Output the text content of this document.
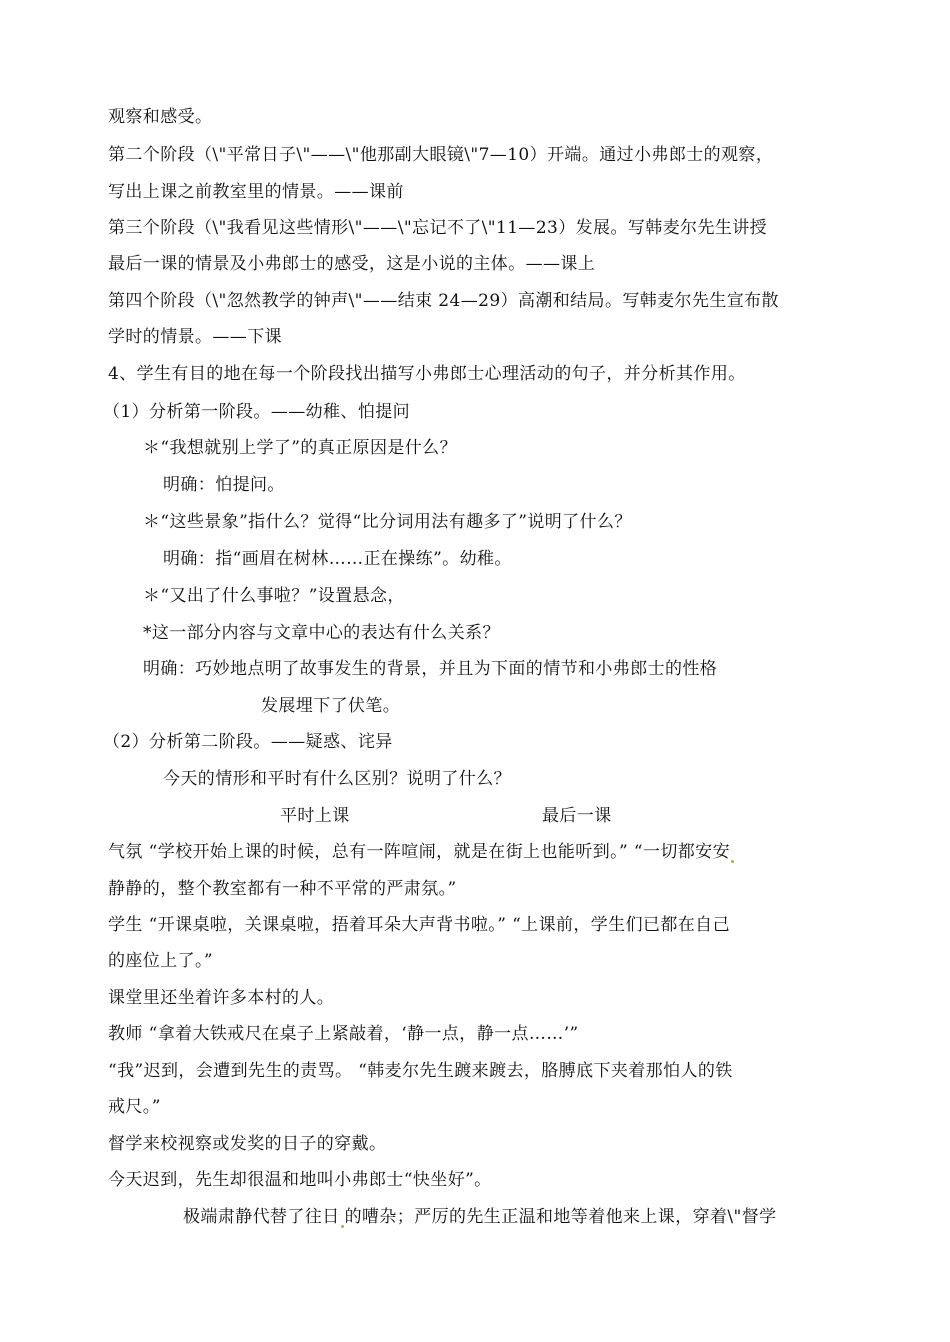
观察和感受。
第二个阶段（\"平常日子\"——\"他那副大眼镜\"7—10）开端。通过小弗郎士的观察，
写出上课之前教室里的情景。——课前
第三个阶段（\"我看见这些情形\"——\"忘记不了\"11—23）发展。写韩麦尔先生讲授
最后一课的情景及小弗郎士的感受，这是小说的主体。——课上
第四个阶段（\"忽然教学的钟声\"——结束 24—29）高潮和结局。写韩麦尔先生宣布散
学时的情景。——下课
4、学生有目的地在每一个阶段找出描写小弗郎士心理活动的句子，并分析其作用。
（1）分析第一阶段。——幼稚、怕提问
＊“我想就别上学了”的真正原因是什么？
明确：怕提问。
＊“这些景象”指什么？觉得“比分词用法有趣多了”说明了什么？
明确：指“画眉在树林……正在操练”。幼稚。
＊“又出了什么事啦？”设置悬念，
*这一部分内容与文章中心的表达有什么关系？
明确：巧妙地点明了故事发生的背景，并且为下面的情节和小弗郎士的性格
发展埋下了伏笔。
（2）分析第二阶段。——疑惑、诧异
今天的情形和平时有什么区别？说明了什么？
平时上课	最后一课
气氛 “学校开始上课的时候，总有一阵喧闹，就是在街上也能听到。” “一切都安安
静静的，整个教室都有一种不平常的严肃氛。”
学生 “开课桌啦，关课桌啦，捂着耳朵大声背书啦。” “上课前，学生们已都在自己
的座位上了。”
课堂里还坐着许多本村的人。
教师 “拿着大铁戒尺在桌子上紧敲着，‘静一点，静一点……’”
“我”迟到，会遭到先生的责骂。 “韩麦尔先生踱来踱去，胳膊底下夹着那怕人的铁
戒尺。”
督学来校视察或发奖的日子的穿戴。
今天迟到，先生却很温和地叫小弗郎士“快坐好”。
极端肃静代替了往日 的嘈杂；严厉的先生正温和地等着他来上课，穿着\"督学
